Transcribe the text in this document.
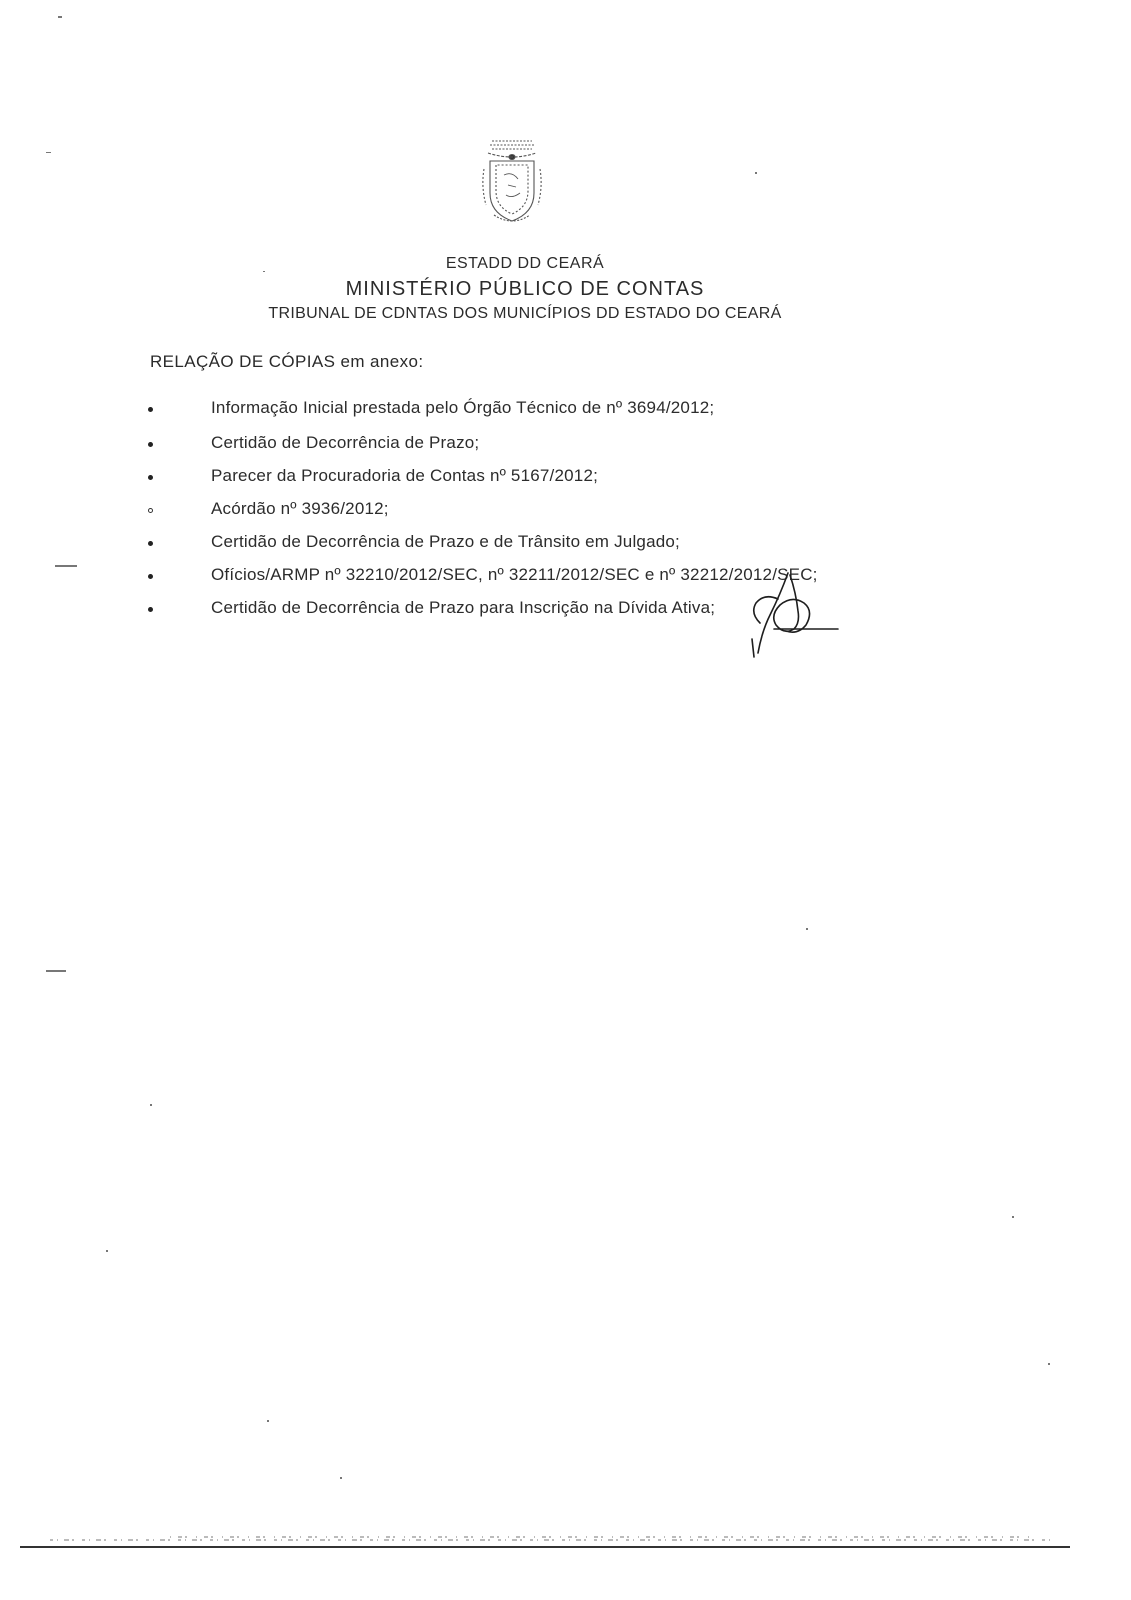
ESTADD DD CEARÁ
MINISTÉRIO PÚBLICO DE CONTAS
TRIBUNAL DE CDNTAS DOS MUNICÍPIOS DD ESTADO DO CEARÁ
RELAÇÃO DE CÓPIAS em anexo:
Informação Inicial prestada pelo Órgão Técnico de nº 3694/2012;
Certidão de Decorrência de Prazo;
Parecer da Procuradoria de Contas nº 5167/2012;
Acórdão nº 3936/2012;
Certidão de Decorrência de Prazo e de Trânsito em Julgado;
Ofícios/ARMP nº 32210/2012/SEC, nº 32211/2012/SEC e nº 32212/2012/SEC;
Certidão de Decorrência de Prazo para Inscrição na Dívida Ativa;
